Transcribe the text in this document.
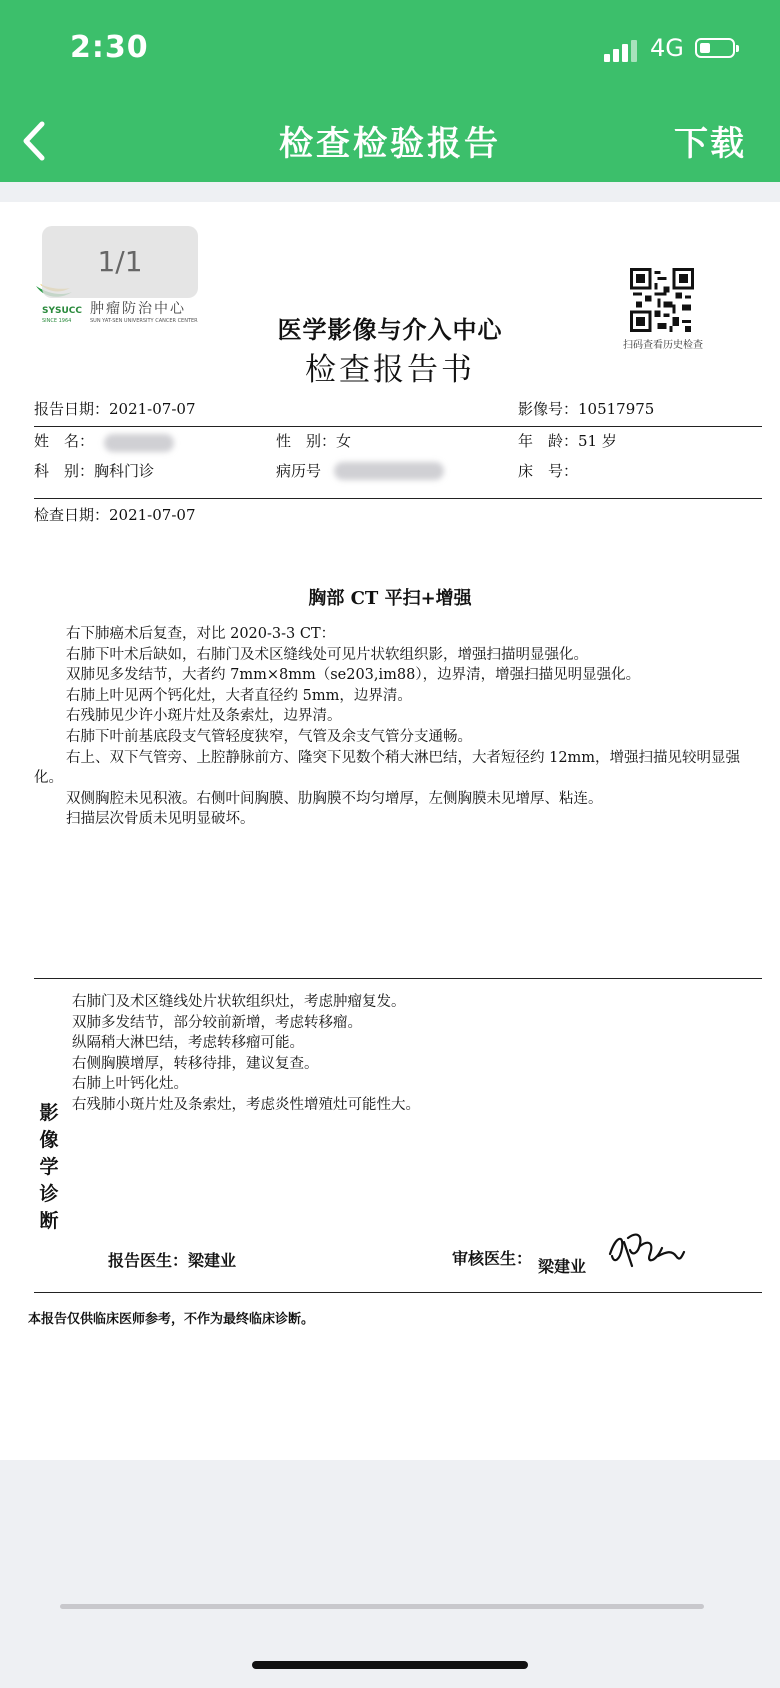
2:30	4G
检查检验报告	下载
SYSUCC
SINCE 1964
肿瘤防治中心
SUN YAT-SEN UNIVERSITY CANCER CENTER
1/1
扫码查看历史检查
医学影像与介入中心
检查报告书
报告日期：2021-07-07	影像号：10517975
姓　名：	性　别：女	年　龄：51 岁
科　别：胸科门诊	病历号	床　号：
检查日期：2021-07-07
胸部 CT 平扫+增强
右下肺癌术后复查，对比 2020-3-3 CT：
右肺下叶术后缺如，右肺门及术区缝线处可见片状软组织影，增强扫描明显强化。
双肺见多发结节，大者约 7mm×8mm（se203,im88），边界清，增强扫描见明显强化。
右肺上叶见两个钙化灶，大者直径约 5mm，边界清。
右残肺见少许小斑片灶及条索灶，边界清。
右肺下叶前基底段支气管轻度狭窄，气管及余支气管分支通畅。
右上、双下气管旁、上腔静脉前方、隆突下见数个稍大淋巴结，大者短径约 12mm，增强扫描见较明显强化。
双侧胸腔未见积液。右侧叶间胸膜、肋胸膜不均匀增厚，左侧胸膜未见增厚、粘连。
扫描层次骨质未见明显破坏。
影
像
学
诊
断
右肺门及术区缝线处片状软组织灶，考虑肿瘤复发。
双肺多发结节，部分较前新增，考虑转移瘤。
纵隔稍大淋巴结，考虑转移瘤可能。
右侧胸膜增厚，转移待排，建议复查。
右肺上叶钙化灶。
右残肺小斑片灶及条索灶，考虑炎性增殖灶可能性大。
报告医生：梁建业	审核医生： 梁建业
本报告仅供临床医师参考，不作为最终临床诊断。
